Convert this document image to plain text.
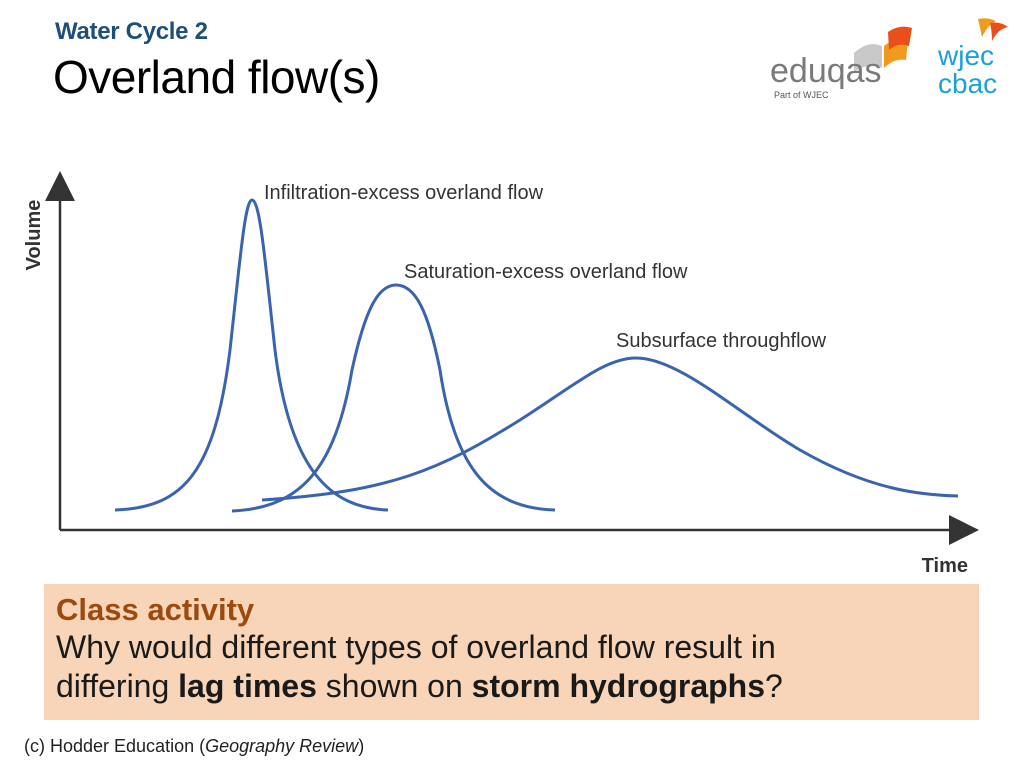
Water Cycle 2
Overland flow(s)	eduqas
Part of WJEC
wjec
cbac
Volume
Time
Infiltration-excess overland flow
Saturation-excess overland flow
Subsurface throughflow
Class activity
Why would different types of overland flow result in
differing lag times shown on storm hydrographs?
(c) Hodder Education (Geography Review)
